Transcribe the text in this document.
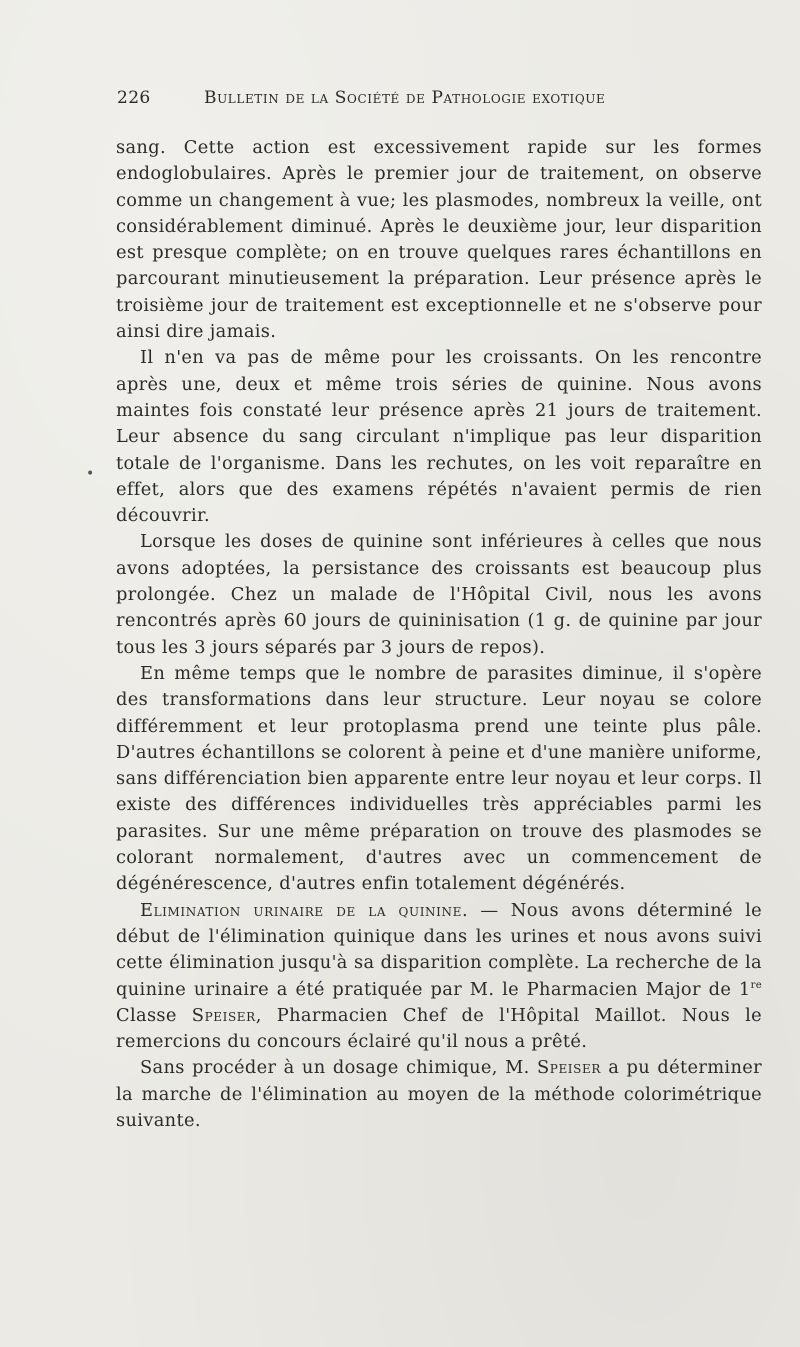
226	Bulletin de la Société de Pathologie exotique
•

sang. Cette action est excessivement rapide sur les formes endoglobulaires. Après le premier jour de traitement, on observe comme un changement à vue; les plasmodes, nombreux la veille, ont considérablement diminué. Après le deuxième jour, leur disparition est presque complète; on en trouve quelques rares échantillons en parcourant minutieusement la préparation. Leur présence après le troisième jour de traitement est exceptionnelle et ne s'observe pour ainsi dire jamais.

Il n'en va pas de même pour les croissants. On les rencontre après une, deux et même trois séries de quinine. Nous avons maintes fois constaté leur présence après 21 jours de traitement. Leur absence du sang circulant n'implique pas leur disparition totale de l'organisme. Dans les rechutes, on les voit reparaître en effet, alors que des examens répétés n'avaient permis de rien découvrir.

Lorsque les doses de quinine sont inférieures à celles que nous avons adoptées, la persistance des croissants est beaucoup plus prolongée. Chez un malade de l'Hôpital Civil, nous les avons rencontrés après 60 jours de quininisation (1 g. de quinine par jour tous les 3 jours séparés par 3 jours de repos).

En même temps que le nombre de parasites diminue, il s'opère des transformations dans leur structure. Leur noyau se colore différemment et leur protoplasma prend une teinte plus pâle. D'autres échantillons se colorent à peine et d'une manière uniforme, sans différenciation bien apparente entre leur noyau et leur corps. Il existe des différences individuelles très appréciables parmi les parasites. Sur une même préparation on trouve des plasmodes se colorant normalement, d'autres avec un commencement de dégénérescence, d'autres enfin totalement dégénérés.

Elimination urinaire de la quinine. — Nous avons déterminé le début de l'élimination quinique dans les urines et nous avons suivi cette élimination jusqu'à sa disparition complète. La recherche de la quinine urinaire a été pratiquée par M. le Pharmacien Major de 1re Classe Speiser, Pharmacien Chef de l'Hôpital Maillot. Nous le remercions du concours éclairé qu'il nous a prêté.

Sans procéder à un dosage chimique, M. Speiser a pu déterminer la marche de l'élimination au moyen de la méthode colorimétrique suivante.
